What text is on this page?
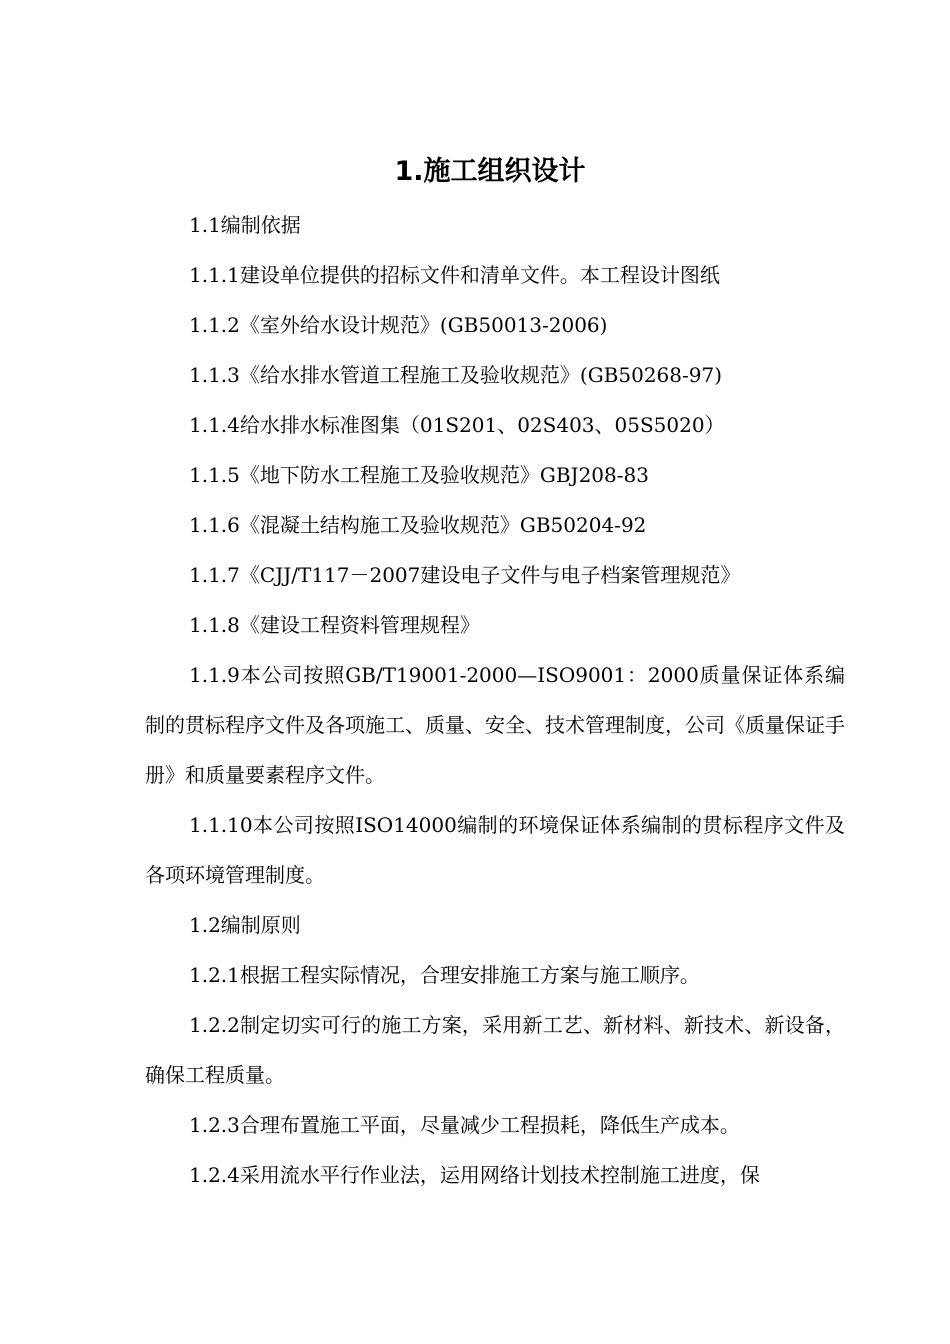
1.施工组织设计

1.1编制依据

1.1.1建设单位提供的招标文件和清单文件。本工程设计图纸

1.1.2《室外给水设计规范》(GB50013-2006)

1.1.3《给水排水管道工程施工及验收规范》(GB50268-97)

1.1.4给水排水标准图集（01S201、02S403、05S5020）

1.1.5《地下防水工程施工及验收规范》GBJ208-83

1.1.6《混凝土结构施工及验收规范》GB50204-92

1.1.7《CJJ/T117－2007建设电子文件与电子档案管理规范》

1.1.8《建设工程资料管理规程》

1.1.9本公司按照GB/T19001-2000—ISO9001：2000质量保证体系编制的贯标程序文件及各项施工、质量、安全、技术管理制度，公司《质量保证手册》和质量要素程序文件。

1.1.10本公司按照ISO14000编制的环境保证体系编制的贯标程序文件及各项环境管理制度。

1.2编制原则

1.2.1根据工程实际情况，合理安排施工方案与施工顺序。

1.2.2制定切实可行的施工方案，采用新工艺、新材料、新技术、新设备，确保工程质量。

1.2.3合理布置施工平面，尽量减少工程损耗，降低生产成本。

1.2.4采用流水平行作业法，运用网络计划技术控制施工进度，保
